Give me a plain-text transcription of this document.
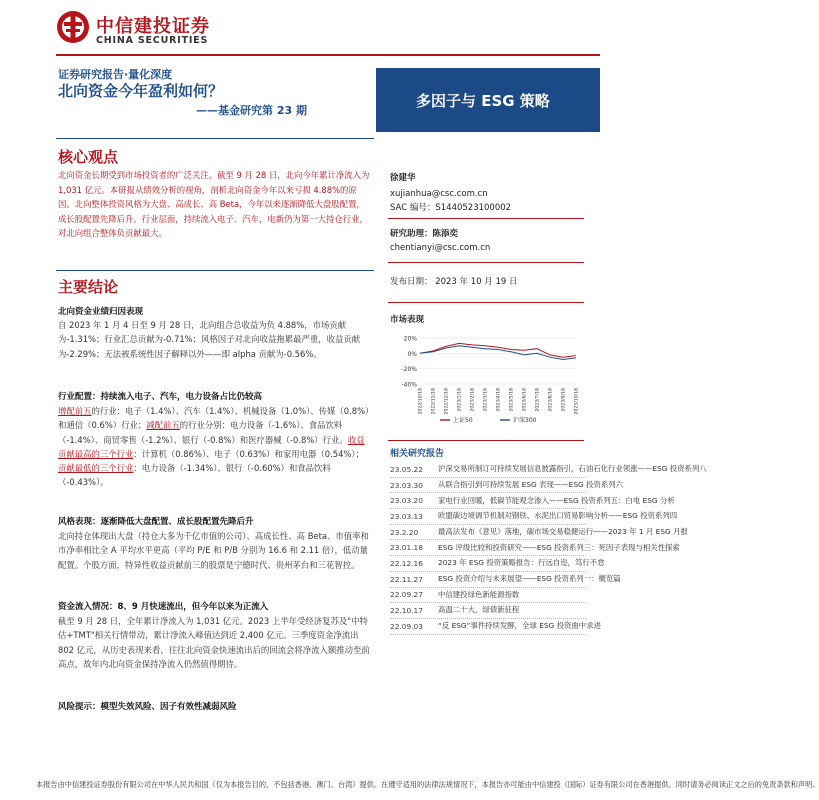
中信建投证券
CHINA SECURITIES
证券研究报告·量化深度
北向资金今年盈利如何？
——基金研究第 23 期
多因子与 ESG 策略
核心观点
北向资金长期受到市场投资者的广泛关注。截至 9 月 28 日，北向今年累计净流入为 1,031 亿元。本研报从绩效分析的视角，剖析北向资金今年以来亏损 4.88%的原因。北向整体投资风格为大盘、高成长、高 Beta，今年以来逐渐降低大盘股配置，成长股配置先降后升。行业层面，持续流入电子、汽车，电新仍为第一大持仓行业，对北向组合整体负贡献最大。
主要结论
北向资金业绩归因表现
自 2023 年 1 月 4 日至 9 月 28 日，北向组合总收益为负 4.88%，市场贡献为-1.31%；行业汇总贡献为-0.71%；风格因子对北向收益拖累最严重，收益贡献为-2.29%；无法被系统性因子解释以外——即 alpha 贡献为-0.56%。
行业配置：持续流入电子、汽车，电力设备占比仍较高
增配前五的行业：电子（1.4%）、汽车（1.4%）、机械设备（1.0%）、传媒（0.8%）和通信（0.6%）行业；减配前五的行业分别：电力设备（-1.6%）、食品饮料（-1.4%）、商贸零售（-1.2%）、银行（-0.8%）和医疗器械（-0.8%）行业。收益贡献最高的三个行业：计算机（0.86%）、电子（0.63%）和家用电器（0.54%）；贡献最低的三个行业：电力设备（-1.34%）、银行（-0.60%）和食品饮料（-0.43%）。
风格表现：逐渐降低大盘配置、成长股配置先降后升
北向持仓体现出大盘（持仓大多为千亿市值的公司）、高成长性、高 Beta、市值率和市净率相比全 A 平均水平更高（平均 P/E 和 P/B 分别为 16.6 和 2.11 倍），低动量配置。个股方面，特异性收益贡献前三的股票是宁德时代、贵州茅台和三花智控。
资金流入情况：8、9 月快速流出，但今年以来为正流入
截至 9 月 28 日，全年累计净流入为 1,031 亿元。2023 上半年受经济复苏及"中特估+TMT"相关行情带动，累计净流入峰值达到近 2,400 亿元。三季度资金净流出 802 亿元，从历史表现来看，往往北向资金快速流出后的回流会将净流入额推动至前高点，故年内北向资金保持净流入仍然值得期待。
风险提示：模型失效风险、因子有效性减弱风险
徐建华
xujianhua@csc.com.cn
SAC 编号：S1440523100002
研究助理：陈添奕
chentianyi@csc.com.cn
发布日期： 2023 年 10 月 19 日
市场表现
20%
0%
-20%
-40%
2022/10/18 2022/11/18 2022/12/18 2023/1/18 2023/2/18 2023/3/18 2023/4/18 2023/5/18 2023/6/18 2023/7/18 2023/8/18 2023/9/18 2023/10/18
上证50	沪深300
相关研究报告
23.05.22	沪深交易所制订可持续发展信息披露指引，石油石化行业领涨——ESG 投资系列八
23.03.30	从联合指引到可持续发展 ESG 表现——ESG 投资系列六
23.03.20	家电行业回暖，低碳节能观念渗入——ESG 投资系列五：白电 ESG 分析
23.03.13	欧盟碳边境调节机制对钢铁、水泥出口贸易影响分析——ESG 投资系列四
23.2.20	最高法发布《意见》落地，碳市场交易稳健运行——2023 年 1 月 ESG 月报
23.01.18	ESG 评级比较和投资研究——ESG 投资系列三：死因子表现与相关性探索
22.12.16	2023 年 ESG 投资策略报告：行远自迩，笃行不怠
22.11.27	ESG 投资介绍与未来展望——ESG 投资系列一：概览篇
22.09.27	中信建投绿色新能源指数
22.10.17	高温二十大，绿债新征程
22.09.03	“反 ESG”事件持续发酵，全球 ESG 投资曲中求进
本报告由中信建投证券股份有限公司在中华人民共和国（仅为本报告目的，不包括香港、澳门、台湾）提供。在遵守适用的法律法规情况下，本报告亦可能由中信建投（国际）证券有限公司在香港提供。同时请务必阅读正文之后的免责条款和声明。
